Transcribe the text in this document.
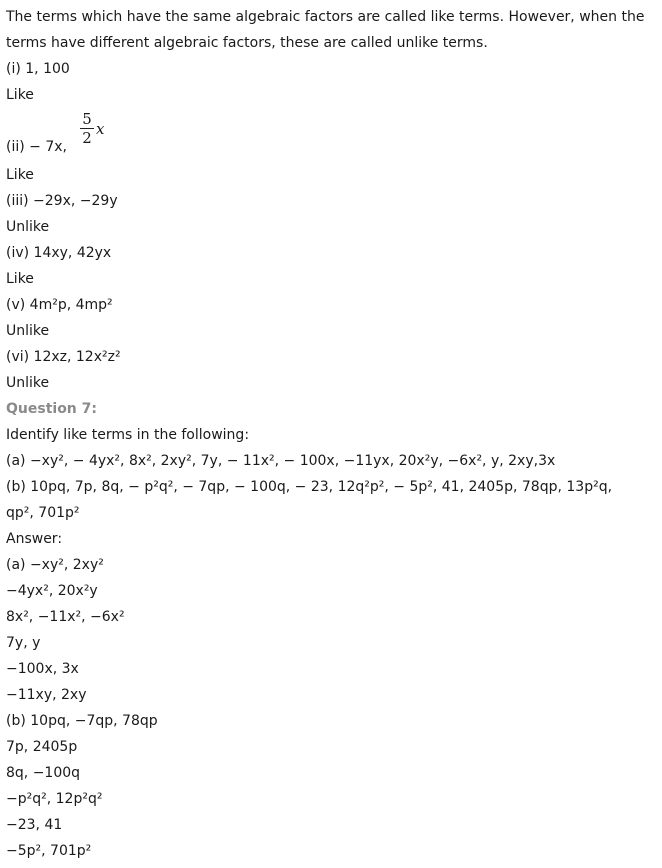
The terms which have the same algebraic factors are called like terms. However, when the terms have different algebraic factors, these are called unlike terms.
(i) 1, 100
Like
(ii) − 7x,
5
2 x
Like
(iii) −29x, −29y
Unlike
(iv) 14xy, 42yx
Like
(v) 4m²p, 4mp²
Unlike
(vi) 12xz, 12x²z²
Unlike
Question 7:
Identify like terms in the following:
(a) −xy², − 4yx², 8x², 2xy², 7y, − 11x², − 100x, −11yx, 20x²y, −6x², y, 2xy,3x
(b) 10pq, 7p, 8q, − p²q², − 7qp, − 100q, − 23, 12q²p², − 5p², 41, 2405p, 78qp, 13p²q,
qp², 701p²
Answer:
(a) −xy², 2xy²
−4yx², 20x²y
8x², −11x², −6x²
7y, y
−100x, 3x
−11xy, 2xy
(b) 10pq, −7qp, 78qp
7p, 2405p
8q, −100q
−p²q², 12p²q²
−23, 41
−5p², 701p²
